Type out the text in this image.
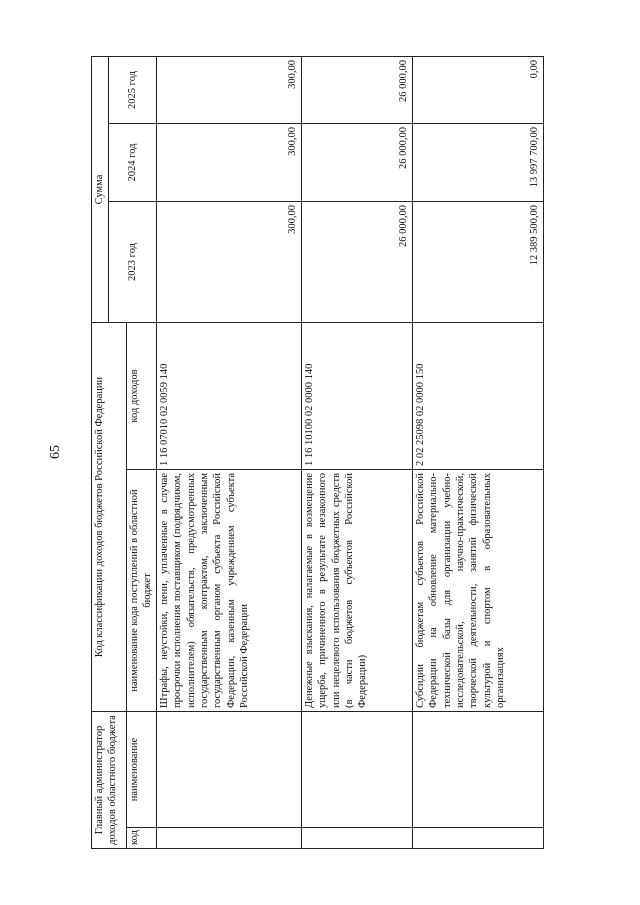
65
Главный администратор доходов областного бюджета		Код классификации доходов бюджетов Российской Федерации		Сумма		
				2023 год	2024 год	2025 год
код	наименование	наименование кода поступлений в областной бюджет	код доходов			
		Штрафы, неустойки, пени, уплаченные в случае просрочки исполнения поставщиком (подрядчиком, исполнителем) обязательств, предусмотренных государственным контрактом, заключенным государственным органом субъекта Российской Федерации, казенным учреждением субъекта Российской Федерации	1 16 07010 02 0059 140	300,00	300,00	300,00
		Денежные взыскания, налагаемые в возмещение ущерба, причиненного в результате незаконного или нецелевого использования бюджетных средств (в части бюджетов субъектов Российской Федерации)	1 16 10100 02 0000 140	26 000,00	26 000,00	26 000,00
		Субсидии бюджетам субъектов Российской Федерации на обновление материально-технической базы для организации учебно-исследовательской, научно-практической, творческой деятельности, занятий физической культурой и спортом в образовательных организациях	2 02 25098 02 0000 150	12 389 500,00	13 997 700,00	0,00
